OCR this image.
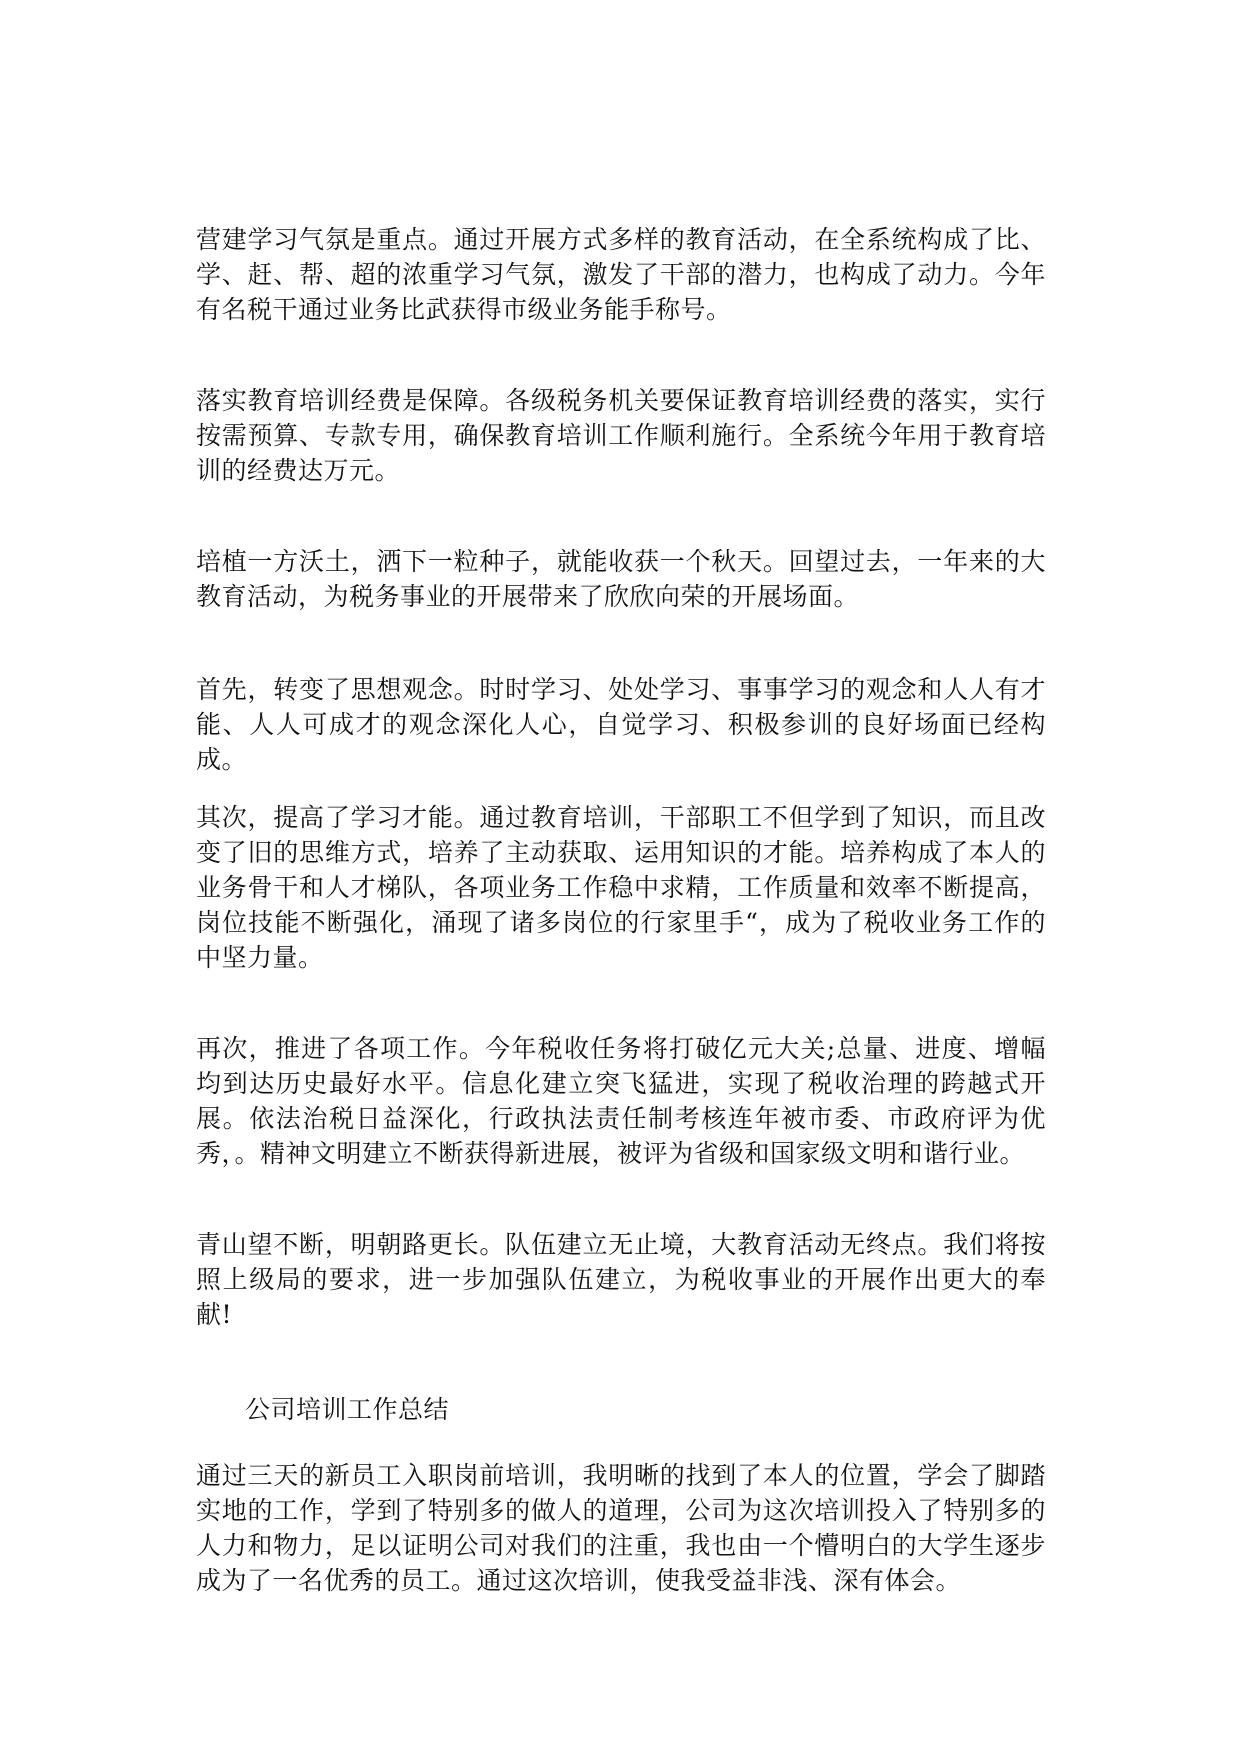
营建学习气氛是重点。通过开展方式多样的教育活动，在全系统构成了比、学、赶、帮、超的浓重学习气氛，激发了干部的潜力，也构成了动力。今年有名税干通过业务比武获得市级业务能手称号。

落实教育培训经费是保障。各级税务机关要保证教育培训经费的落实，实行按需预算、专款专用，确保教育培训工作顺利施行。全系统今年用于教育培训的经费达万元。

培植一方沃土，洒下一粒种子，就能收获一个秋天。回望过去，一年来的大教育活动，为税务事业的开展带来了欣欣向荣的开展场面。

首先，转变了思想观念。时时学习、处处学习、事事学习的观念和人人有才能、人人可成才的观念深化人心，自觉学习、积极参训的良好场面已经构成。

其次，提高了学习才能。通过教育培训，干部职工不但学到了知识，而且改变了旧的思维方式，培养了主动获取、运用知识的才能。培养构成了本人的业务骨干和人才梯队，各项业务工作稳中求精，工作质量和效率不断提高，岗位技能不断强化，涌现了诸多岗位的行家里手“，成为了税收业务工作的中坚力量。

再次，推进了各项工作。今年税收任务将打破亿元大关;总量、进度、增幅均到达历史最好水平。信息化建立突飞猛进，实现了税收治理的跨越式开展。依法治税日益深化，行政执法责任制考核连年被市委、市政府评为优秀，。精神文明建立不断获得新进展，被评为省级和国家级文明和谐行业。

青山望不断，明朝路更长。队伍建立无止境，大教育活动无终点。我们将按照上级局的要求，进一步加强队伍建立，为税收事业的开展作出更大的奉献!

公司培训工作总结

通过三天的新员工入职岗前培训，我明晰的找到了本人的位置，学会了脚踏实地的工作，学到了特别多的做人的道理，公司为这次培训投入了特别多的人力和物力，足以证明公司对我们的注重，我也由一个懵明白的大学生逐步成为了一名优秀的员工。通过这次培训，使我受益非浅、深有体会。
